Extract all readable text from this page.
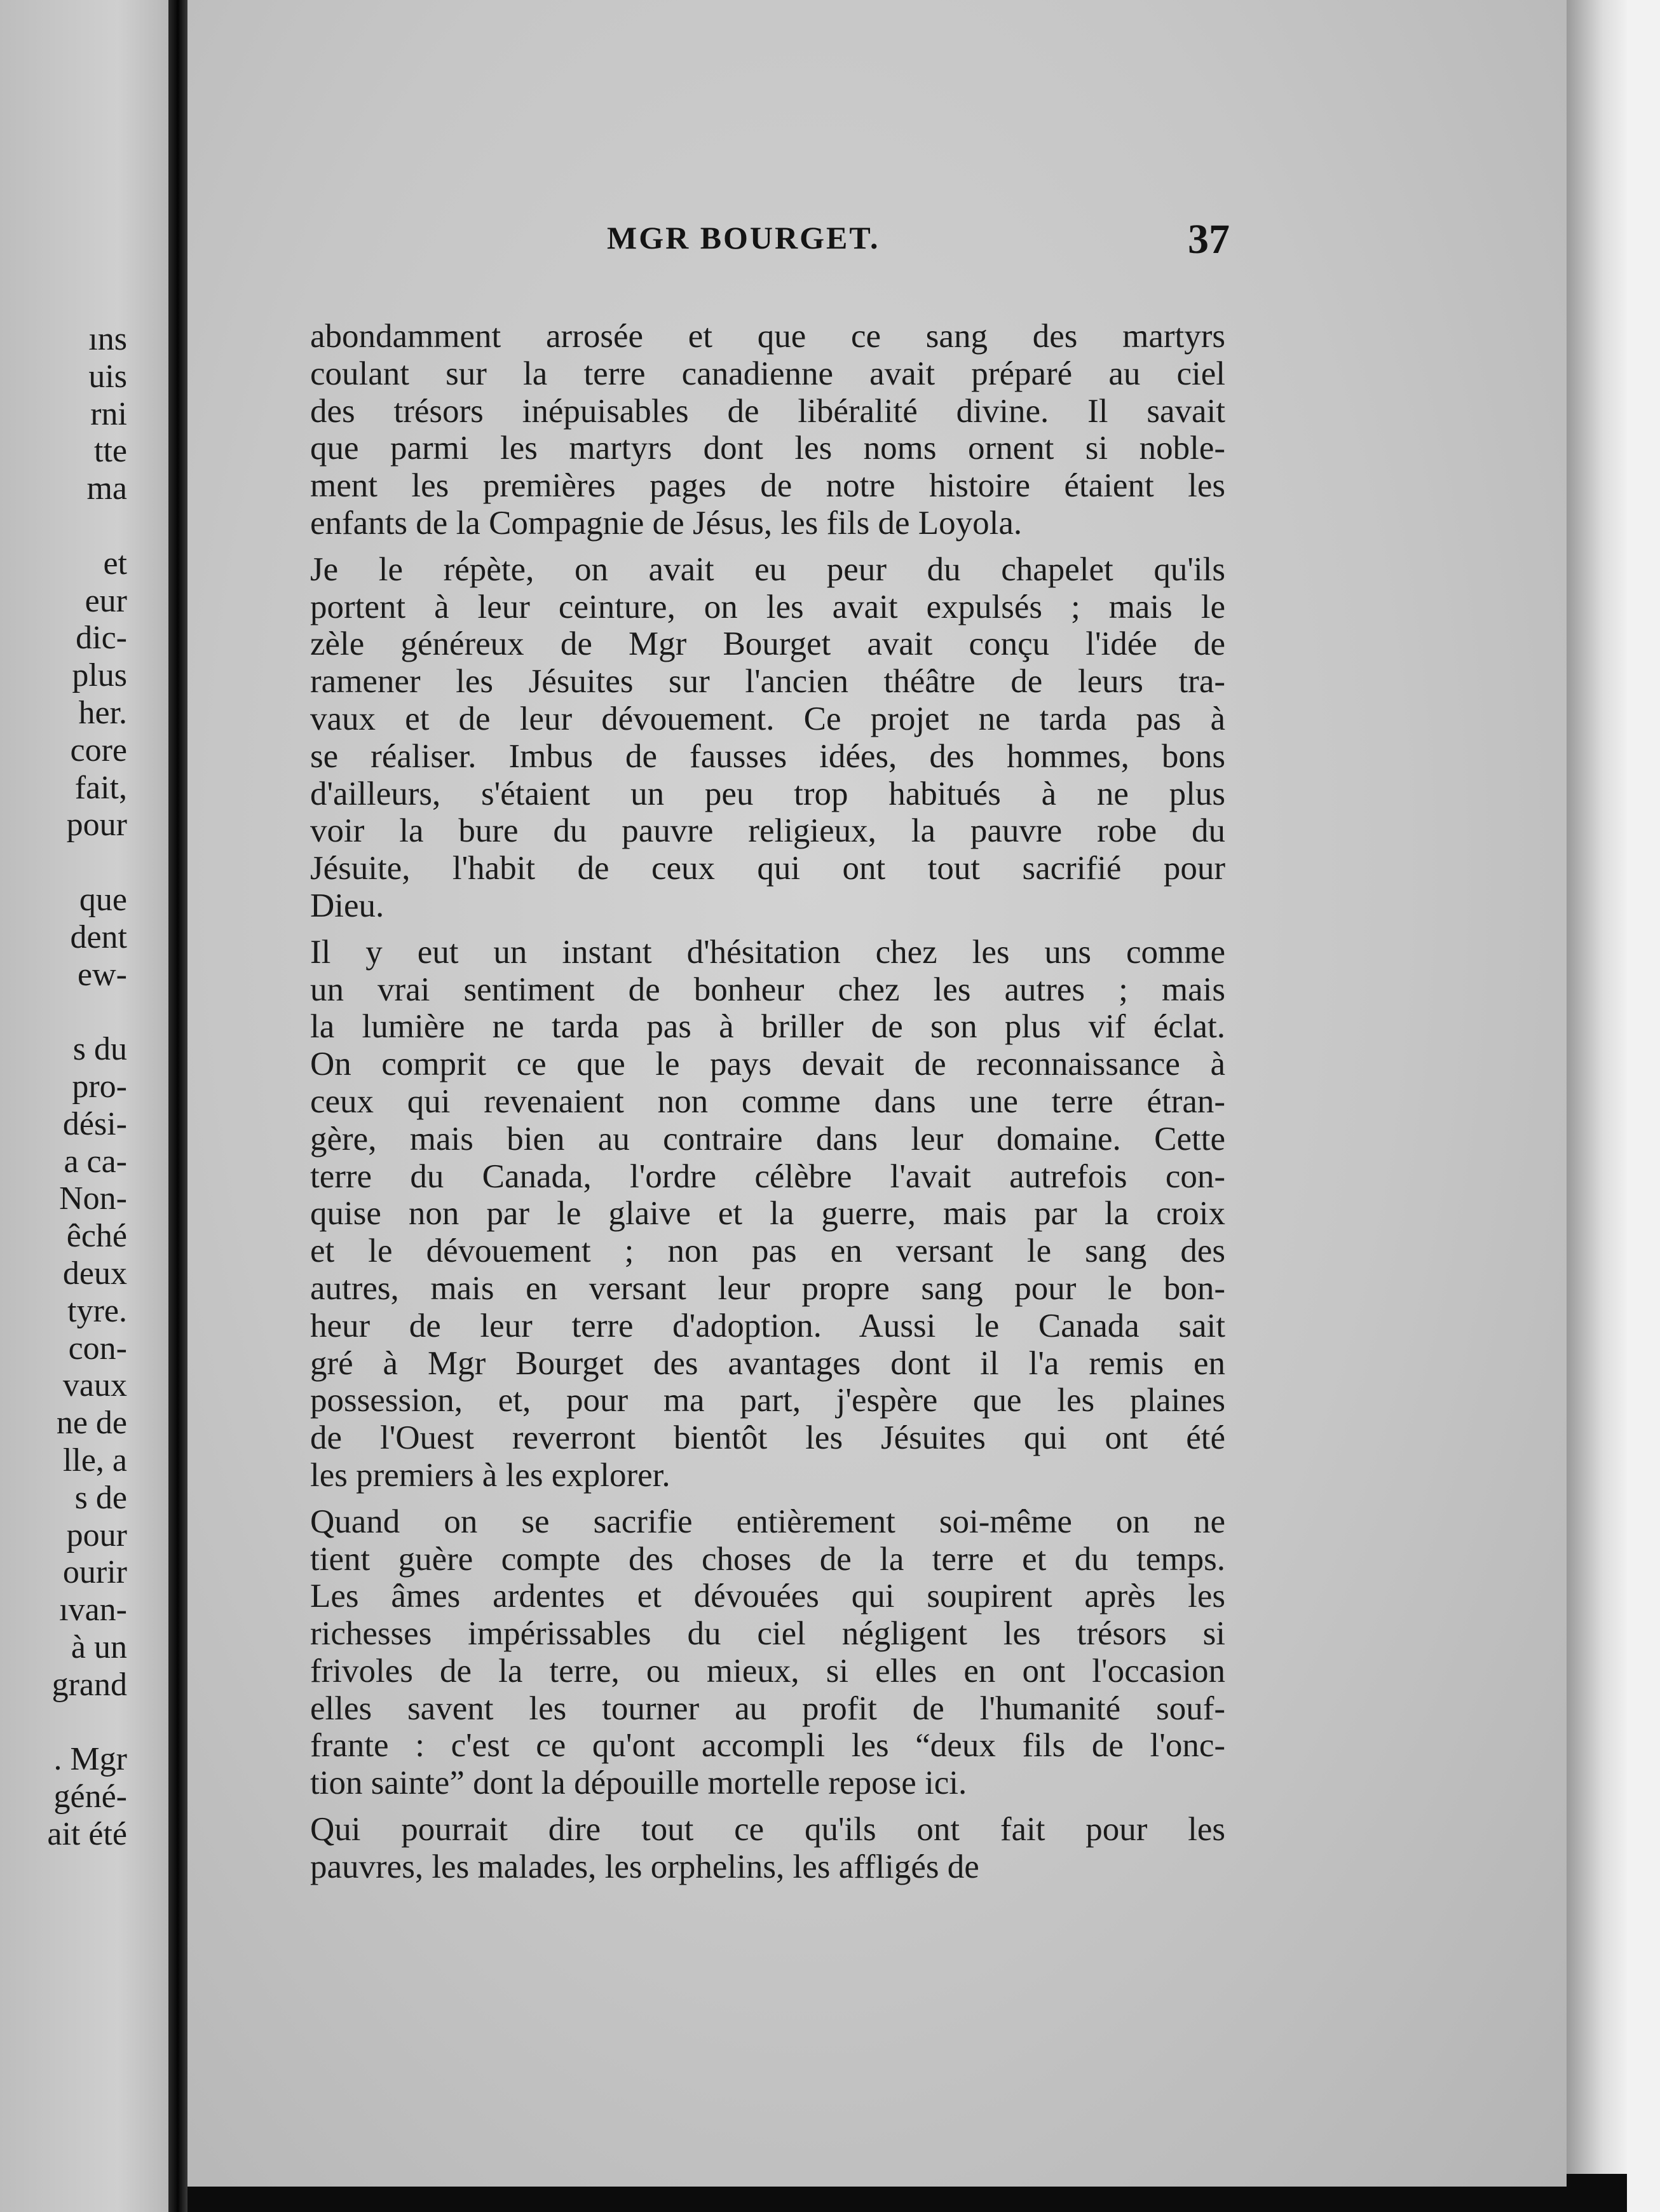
ıns
uis
rni
tte
ma
et
eur
dic-
plus
her.
core
fait,
pour
que
dent
ew-
s du
pro-
dési-
a ca-
Non-
êché
deux
tyre.
con-
vaux
ne de
lle, a
s de
pour
ourir
ıvan-
à un
grand
. Mgr
géné-
ait été
MGR BOURGET.	37
abondamment arrosée et que ce sang des martyrs
coulant sur la terre canadienne avait préparé au ciel
des trésors inépuisables de libéralité divine. Il savait
que parmi les martyrs dont les noms ornent si noble-
ment les premières pages de notre histoire étaient les
enfants de la Compagnie de Jésus, les fils de Loyola.
Je le répète, on avait eu peur du chapelet qu'ils
portent à leur ceinture, on les avait expulsés ; mais le
zèle généreux de Mgr Bourget avait conçu l'idée de
ramener les Jésuites sur l'ancien théâtre de leurs tra-
vaux et de leur dévouement. Ce projet ne tarda pas à
se réaliser. Imbus de fausses idées, des hommes, bons
d'ailleurs, s'étaient un peu trop habitués à ne plus
voir la bure du pauvre religieux, la pauvre robe du
Jésuite, l'habit de ceux qui ont tout sacrifié pour
Dieu.
Il y eut un instant d'hésitation chez les uns comme
un vrai sentiment de bonheur chez les autres ; mais
la lumière ne tarda pas à briller de son plus vif éclat.
On comprit ce que le pays devait de reconnaissance à
ceux qui revenaient non comme dans une terre étran-
gère, mais bien au contraire dans leur domaine. Cette
terre du Canada, l'ordre célèbre l'avait autrefois con-
quise non par le glaive et la guerre, mais par la croix
et le dévouement ; non pas en versant le sang des
autres, mais en versant leur propre sang pour le bon-
heur de leur terre d'adoption. Aussi le Canada sait
gré à Mgr Bourget des avantages dont il l'a remis en
possession, et, pour ma part, j'espère que les plaines
de l'Ouest reverront bientôt les Jésuites qui ont été
les premiers à les explorer.
Quand on se sacrifie entièrement soi-même on ne
tient guère compte des choses de la terre et du temps.
Les âmes ardentes et dévouées qui soupirent après les
richesses impérissables du ciel négligent les trésors si
frivoles de la terre, ou mieux, si elles en ont l'occasion
elles savent les tourner au profit de l'humanité souf-
frante : c'est ce qu'ont accompli les “deux fils de l'onc-
tion sainte” dont la dépouille mortelle repose ici.
Qui pourrait dire tout ce qu'ils ont fait pour les
pauvres, les malades, les orphelins, les affligés de
